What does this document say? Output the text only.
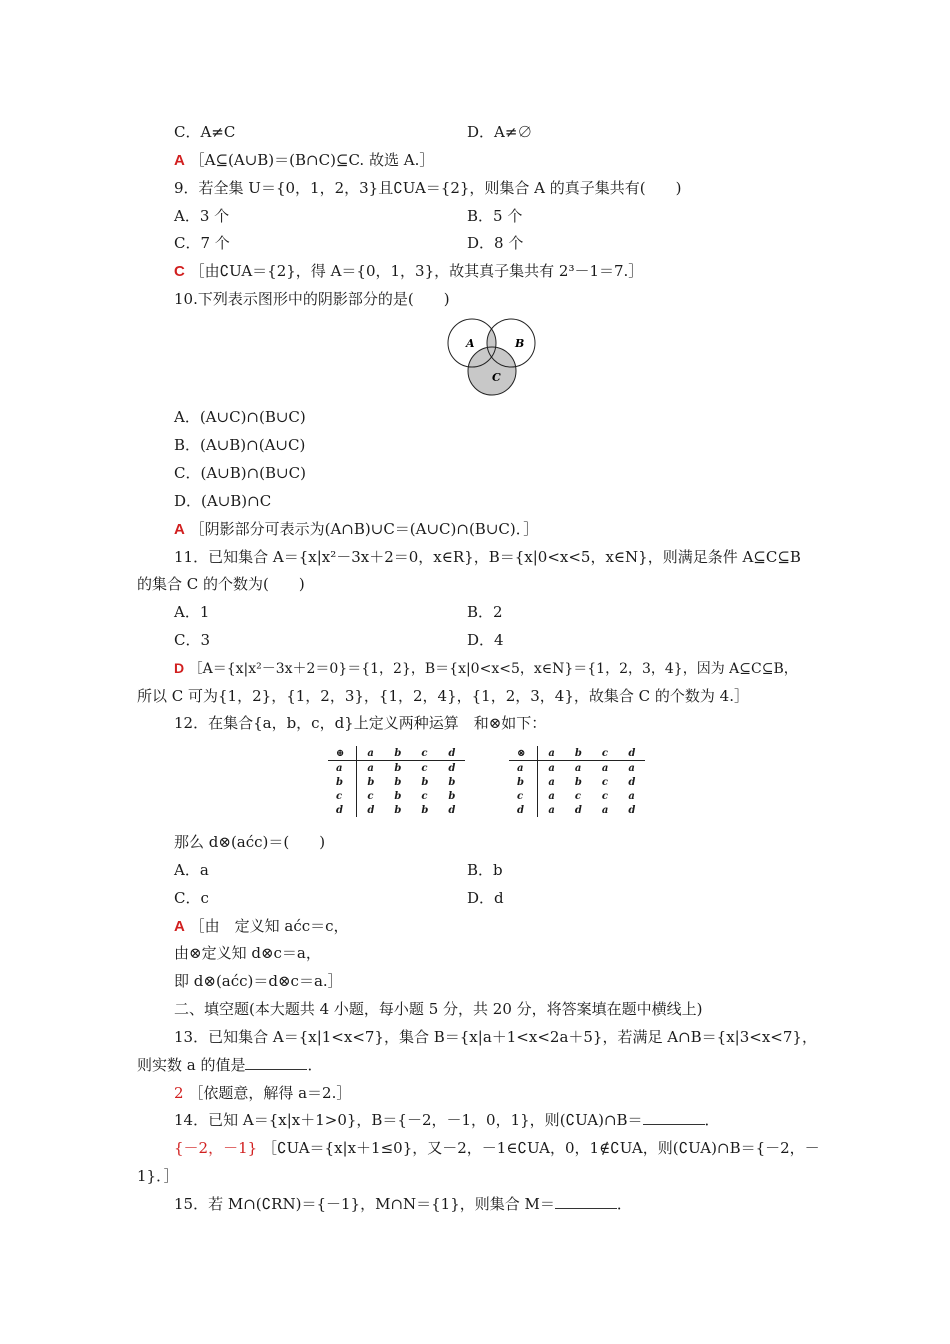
C．A≠C	D．A≠∅
A ［A⊆(A∪B)＝(B∩C)⊆C. 故选 A.］
9．若全集 U＝{0，1，2，3}且∁UA＝{2}，则集合 A 的真子集共有(　　)
A．3 个	B．5 个
C．7 个	D．8 个
C ［由∁UA＝{2}，得 A＝{0，1，3}，故其真子集共有 2³－1＝7.］
10.下列表示图形中的阴影部分的是(　　)
A	B
C
A．(A∪C)∩(B∪C)
B．(A∪B)∩(A∪C)
C．(A∪B)∩(B∪C)
D．(A∪B)∩C
A ［阴影部分可表示为(A∩B)∪C＝(A∪C)∩(B∪C)．］
11．已知集合 A＝{x|x²－3x＋2＝0，x∈R}，B＝{x|0<x<5，x∈N}，则满足条件 A⊆C⊆B
的集合 C 的个数为(　　)
A．1	B．2
C．3	D．4
D ［A＝{x|x²－3x＋2＝0}＝{1，2}，B＝{x|0<x<5，x∈N}＝{1，2，3，4}，因为 A⊆C⊆B，
所以 C 可为{1，2}，{1，2，3}，{1，2，4}，{1，2，3，4}，故集合 C 的个数为 4.］
12．在集合{a，b，c，d}上定义两种运算　和⊗如下：
⊕	a	b	c	d
a	a	b	c	d
b	b	b	b	b
c	c	b	c	b
d	d	b	b	d
⊗	a	b	c	d
a	a	a	a	a
b	a	b	c	d
c	a	c	c	a
d	a	d	a	d
那么 d⊗(aćc)＝(　　)
A．a	B．b
C．c	D．d
A ［由　定义知 aćc＝c，
由⊗定义知 d⊗c＝a，
即 d⊗(aćc)＝d⊗c＝a.］
二、填空题(本大题共 4 小题，每小题 5 分，共 20 分，将答案填在题中横线上)
13．已知集合 A＝{x|1<x<7}，集合 B＝{x|a＋1<x<2a＋5}，若满足 A∩B＝{x|3<x<7}，
则实数 a 的值是	．
2 ［依题意，解得 a＝2.］
14．已知 A＝{x|x＋1>0}，B＝{－2，－1，0，1}，则(∁UA)∩B＝	．
{－2，－1} ［∁UA＝{x|x＋1≤0}，又－2，－1∈∁UA，0，1∉∁UA，则(∁UA)∩B＝{－2，－
1}．］
15．若 M∩(∁RN)＝{－1}，M∩N＝{1}，则集合 M＝	．
